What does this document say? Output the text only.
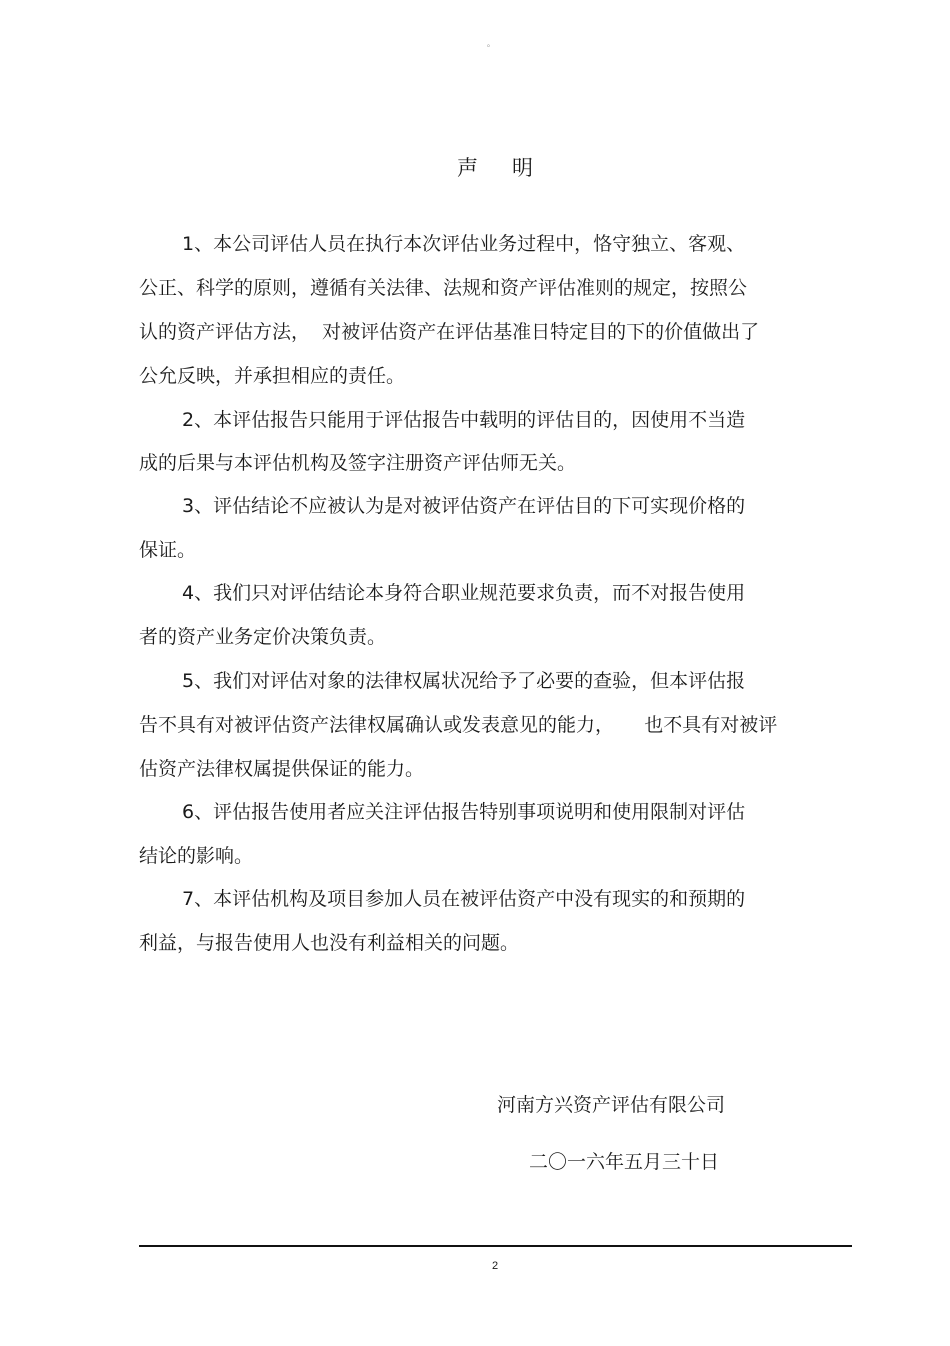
。
声 明
1、本公司评估人员在执行本次评估业务过程中，恪守独立、客观、
公正、科学的原则，遵循有关法律、法规和资产评估准则的规定，按照公
认的资产评估方法，  对被评估资产在评估基准日特定目的下的价值做出了
公允反映，并承担相应的责任。
2、本评估报告只能用于评估报告中载明的评估目的，因使用不当造
成的后果与本评估机构及签字注册资产评估师无关。
3、评估结论不应被认为是对被评估资产在评估目的下可实现价格的
保证。
4、我们只对评估结论本身符合职业规范要求负责，而不对报告使用
者的资产业务定价决策负责。
5、我们对评估对象的法律权属状况给予了必要的查验，但本评估报
告不具有对被评估资产法律权属确认或发表意见的能力，     也不具有对被评
估资产法律权属提供保证的能力。
6、评估报告使用者应关注评估报告特别事项说明和使用限制对评估
结论的影响。
7、本评估机构及项目参加人员在被评估资产中没有现实的和预期的
利益，与报告使用人也没有利益相关的问题。
河南方兴资产评估有限公司
二〇一六年五月三十日
2
